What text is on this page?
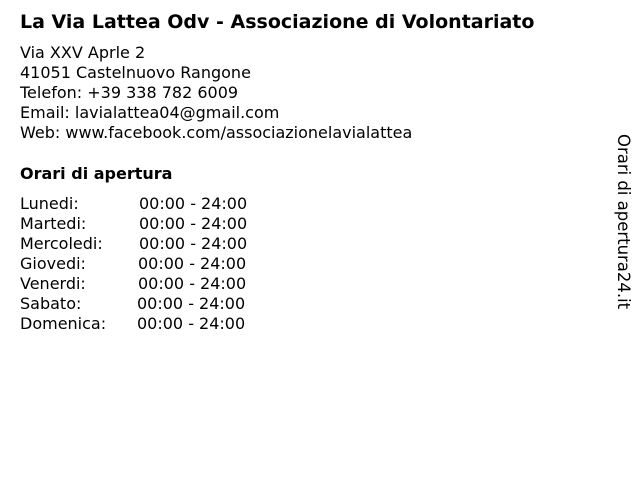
La Via Lattea Odv - Associazione di Volontariato
Via XXV Aprle 2
41051 Castelnuovo Rangone
Telefon: +39 338 782 6009
Email: lavialattea04@gmail.com
Web: www.facebook.com/associazionelavialattea
Orari di apertura
Lunedi:	00:00 - 24:00
Martedi:	00:00 - 24:00
Mercoledi: 00:00 - 24:00
Giovedi:	00:00 - 24:00
Venerdi:	00:00 - 24:00
Sabato:	00:00 - 24:00
Domenica: 00:00 - 24:00
Orari di apertura24.it
